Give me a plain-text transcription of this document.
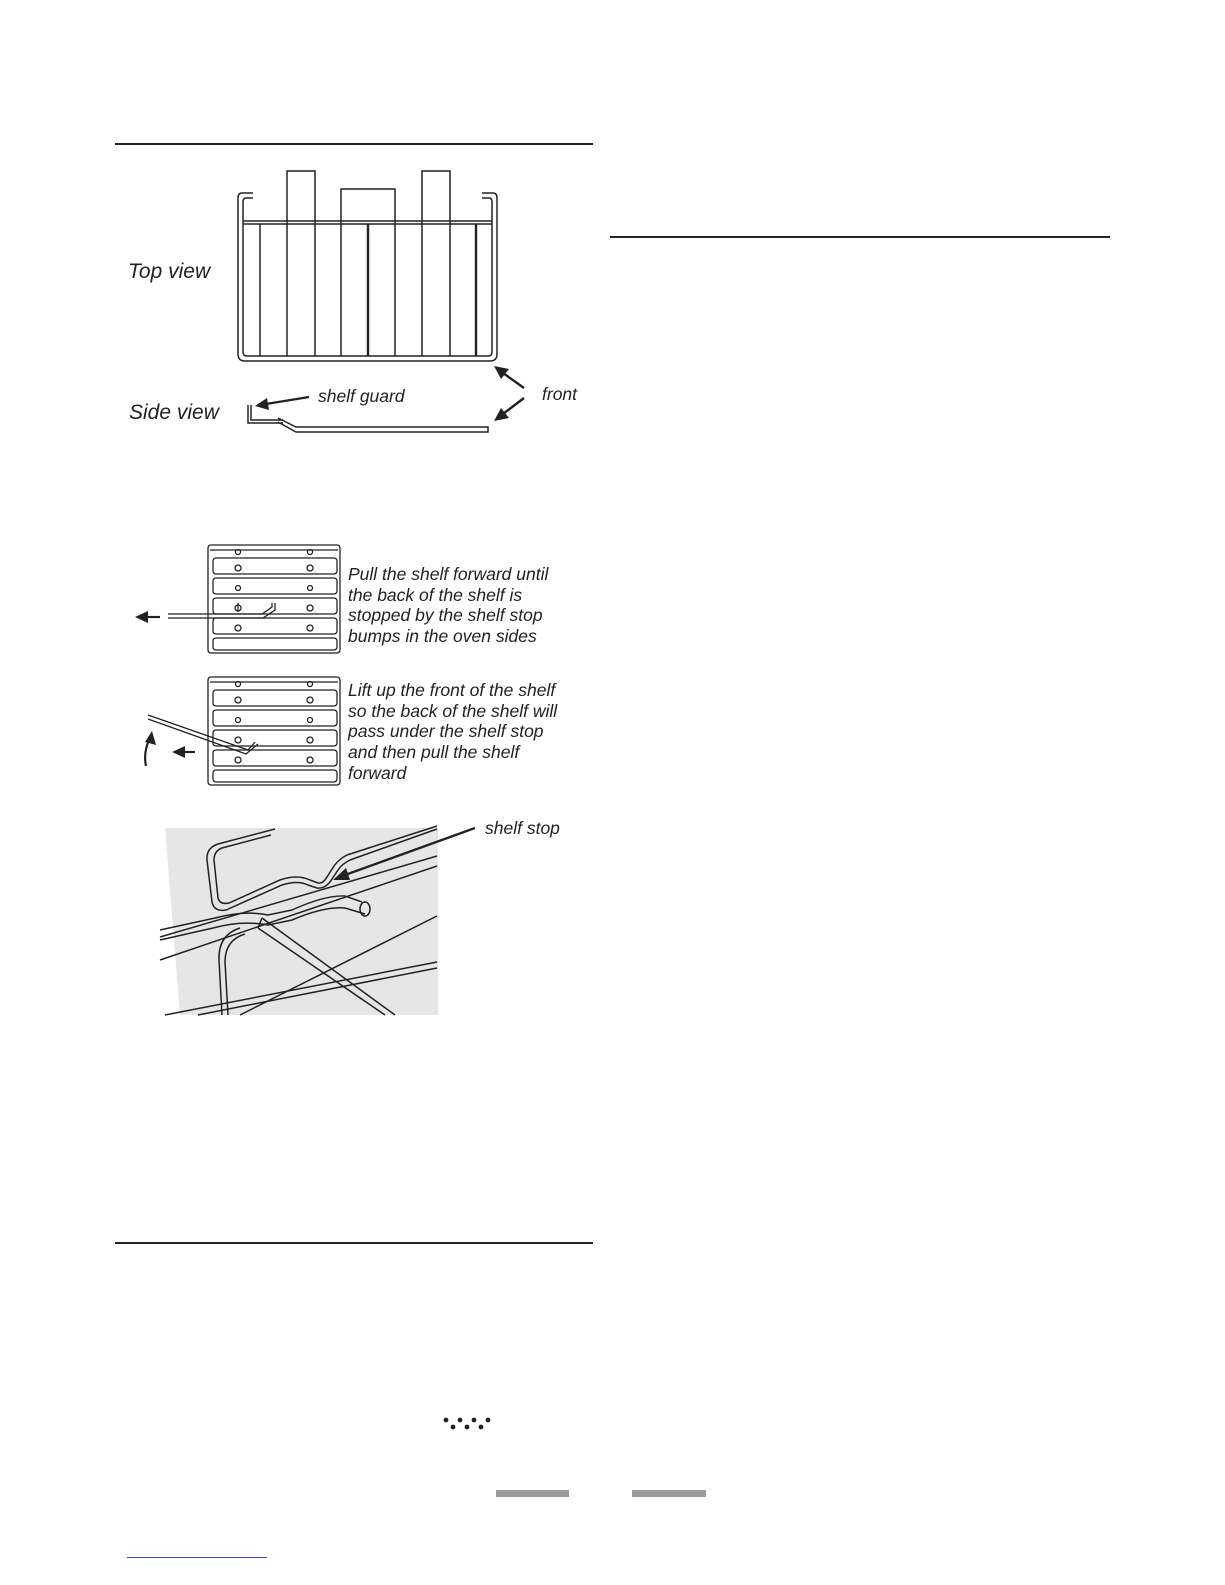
Top view
Side view
shelf guard	front
Pull the shelf forward until
the back of the shelf is
stopped by the shelf stop
bumps in the oven sides
Lift up the front of the shelf
so the back of the shelf will
pass under the shelf stop
and then pull the shelf
forward
shelf stop
